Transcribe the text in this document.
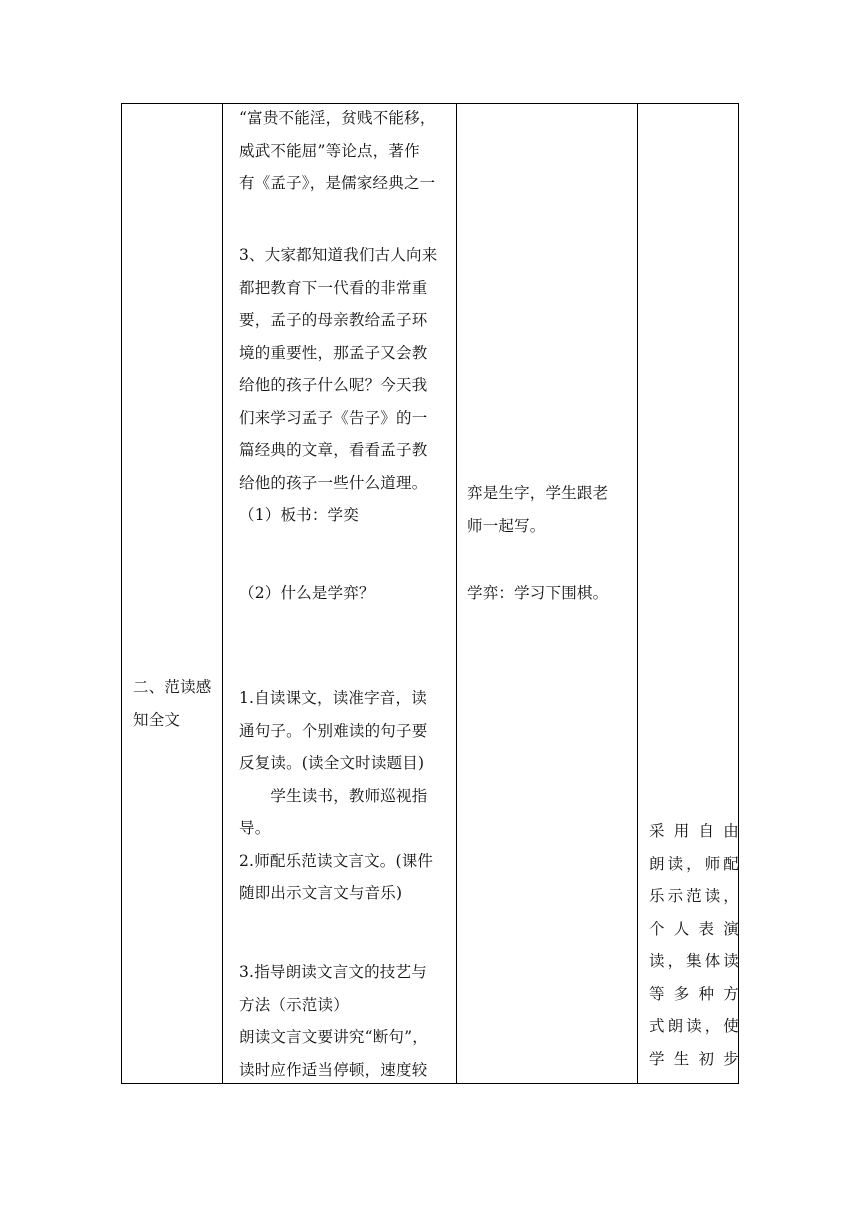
二、范读感
知全文
“富贵不能淫，贫贱不能移，
威武不能屈”等论点，著作
有《孟子》，是儒家经典之一
3、大家都知道我们古人向来
都把教育下一代看的非常重
要，孟子的母亲教给孟子环
境的重要性，那孟子又会教
给他的孩子什么呢？今天我
们来学习孟子《告子》的一
篇经典的文章，看看孟子教
给他的孩子一些什么道理。
（1）板书：学奕
（2）什么是学弈？
1.自读课文，读准字音，读
通句子。个别难读的句子要
反复读。(读全文时读题目)
　　学生读书，教师巡视指
导。
2.师配乐范读文言文。(课件
随即出示文言文与音乐)
3.指导朗读文言文的技艺与
方法（示范读）
朗读文言文要讲究“断句”，
读时应作适当停顿，速度较
弈是生字，学生跟老
师一起写。
学弈：学习下围棋。
采用自由
朗读，师配
乐示范读，
个人表演
读，集体读
等多种方
式朗读，使
学生初步
